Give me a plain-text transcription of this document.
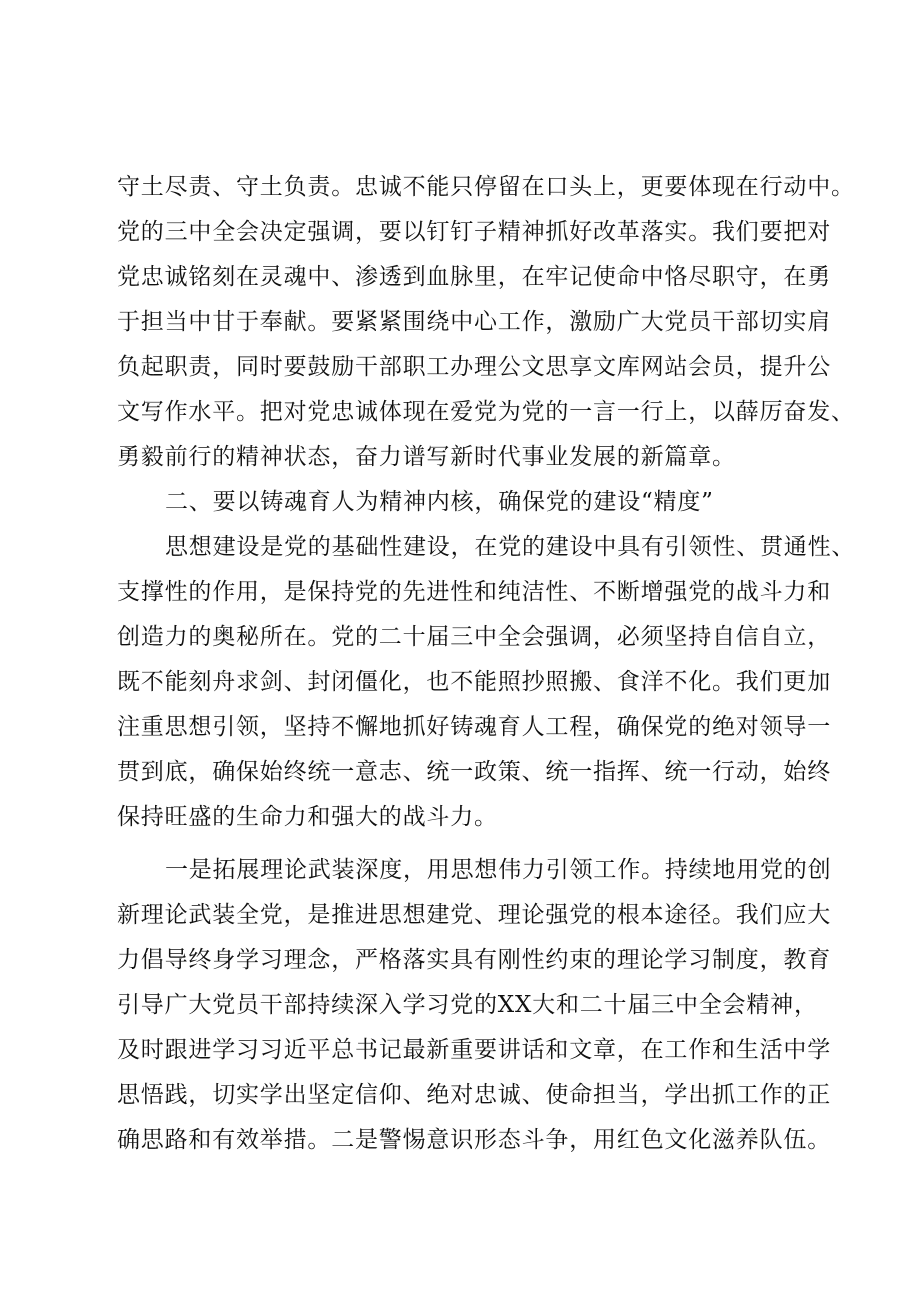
守土尽责、守土负责。忠诚不能只停留在口头上，更要体现在行动中。
党的三中全会决定强调，要以钉钉子精神抓好改革落实。我们要把对
党忠诚铭刻在灵魂中、渗透到血脉里，在牢记使命中恪尽职守，在勇
于担当中甘于奉献。要紧紧围绕中心工作，激励广大党员干部切实肩
负起职责，同时要鼓励干部职工办理公文思享文库网站会员，提升公
文写作水平。把对党忠诚体现在爱党为党的一言一行上，以薛厉奋发、
勇毅前行的精神状态，奋力谱写新时代事业发展的新篇章。
二、要以铸魂育人为精神内核，确保党的建设“精度”
思想建设是党的基础性建设，在党的建设中具有引领性、贯通性、
支撑性的作用，是保持党的先进性和纯洁性、不断增强党的战斗力和
创造力的奥秘所在。党的二十届三中全会强调，必须坚持自信自立，
既不能刻舟求剑、封闭僵化，也不能照抄照搬、食洋不化。我们更加
注重思想引领，坚持不懈地抓好铸魂育人工程，确保党的绝对领导一
贯到底，确保始终统一意志、统一政策、统一指挥、统一行动，始终
保持旺盛的生命力和强大的战斗力。
一是拓展理论武装深度，用思想伟力引领工作。持续地用党的创
新理论武装全党，是推进思想建党、理论强党的根本途径。我们应大
力倡导终身学习理念，严格落实具有刚性约束的理论学习制度，教育
引导广大党员干部持续深入学习党的XX大和二十届三中全会精神，
及时跟进学习习近平总书记最新重要讲话和文章，在工作和生活中学
思悟践，切实学出坚定信仰、绝对忠诚、使命担当，学出抓工作的正
确思路和有效举措。二是警惕意识形态斗争，用红色文化滋养队伍。
